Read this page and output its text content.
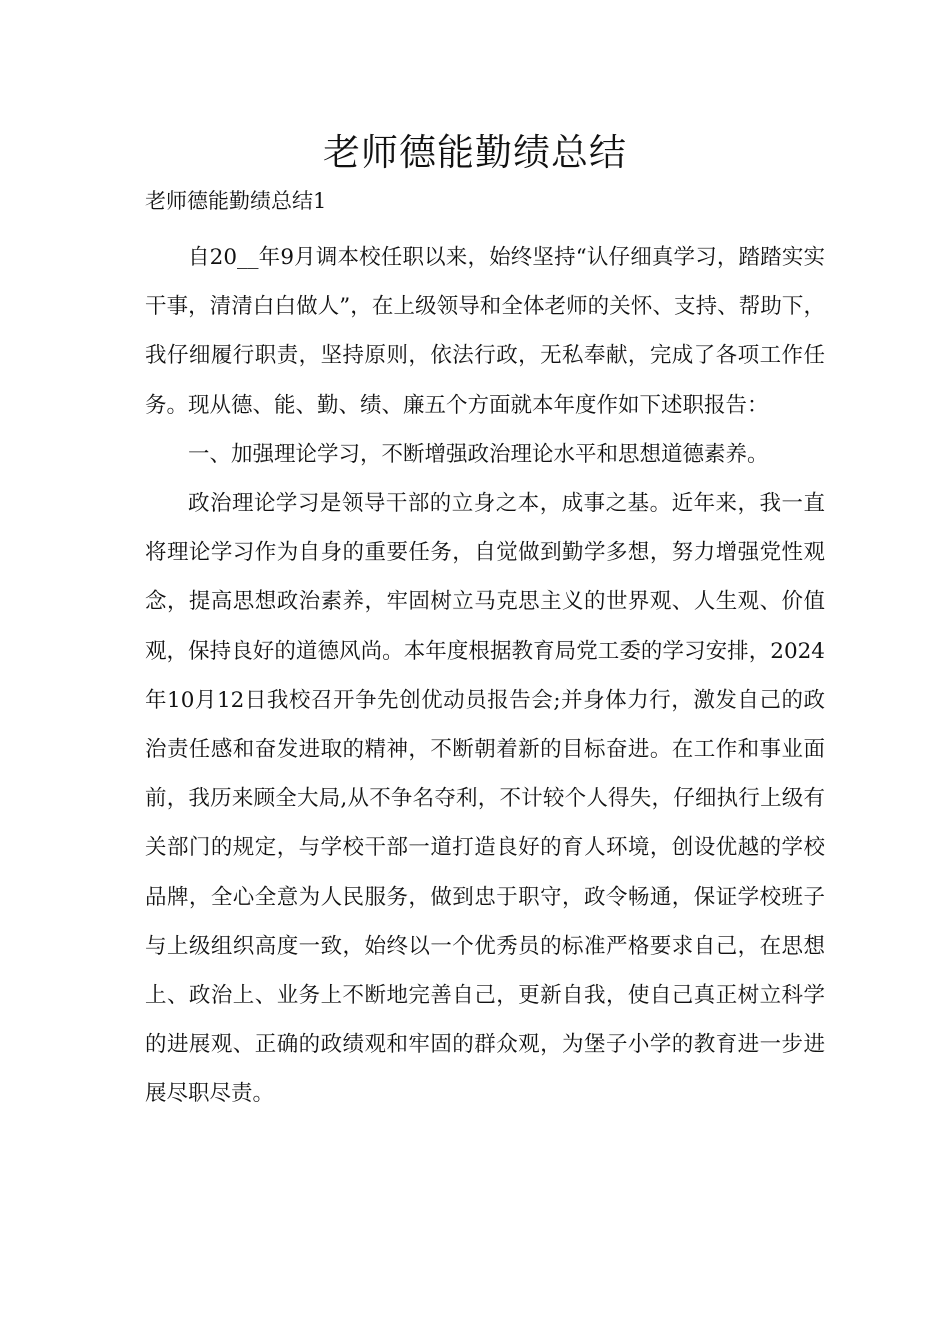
老师德能勤绩总结
老师德能勤绩总结1

自20__年9月调本校任职以来，始终坚持“认仔细真学习，踏踏实实干事，清清白白做人”，在上级领导和全体老师的关怀、支持、帮助下，我仔细履行职责，坚持原则，依法行政，无私奉献，完成了各项工作任务。现从德、能、勤、绩、廉五个方面就本年度作如下述职报告：

一、加强理论学习，不断增强政治理论水平和思想道德素养。

政治理论学习是领导干部的立身之本，成事之基。近年来，我一直将理论学习作为自身的重要任务，自觉做到勤学多想，努力增强党性观念，提高思想政治素养，牢固树立马克思主义的世界观、人生观、价值观，保持良好的道德风尚。本年度根据教育局党工委的学习安排，2024年10月12日我校召开争先创优动员报告会;并身体力行，激发自己的政治责任感和奋发进取的精神，不断朝着新的目标奋进。在工作和事业面前，我历来顾全大局,从不争名夺利，不计较个人得失，仔细执行上级有关部门的规定，与学校干部一道打造良好的育人环境，创设优越的学校品牌，全心全意为人民服务，做到忠于职守，政令畅通，保证学校班子与上级组织高度一致，始终以一个优秀员的标准严格要求自己，在思想上、政治上、业务上不断地完善自己，更新自我，使自己真正树立科学的进展观、正确的政绩观和牢固的群众观，为堡子小学的教育进一步进展尽职尽责。
